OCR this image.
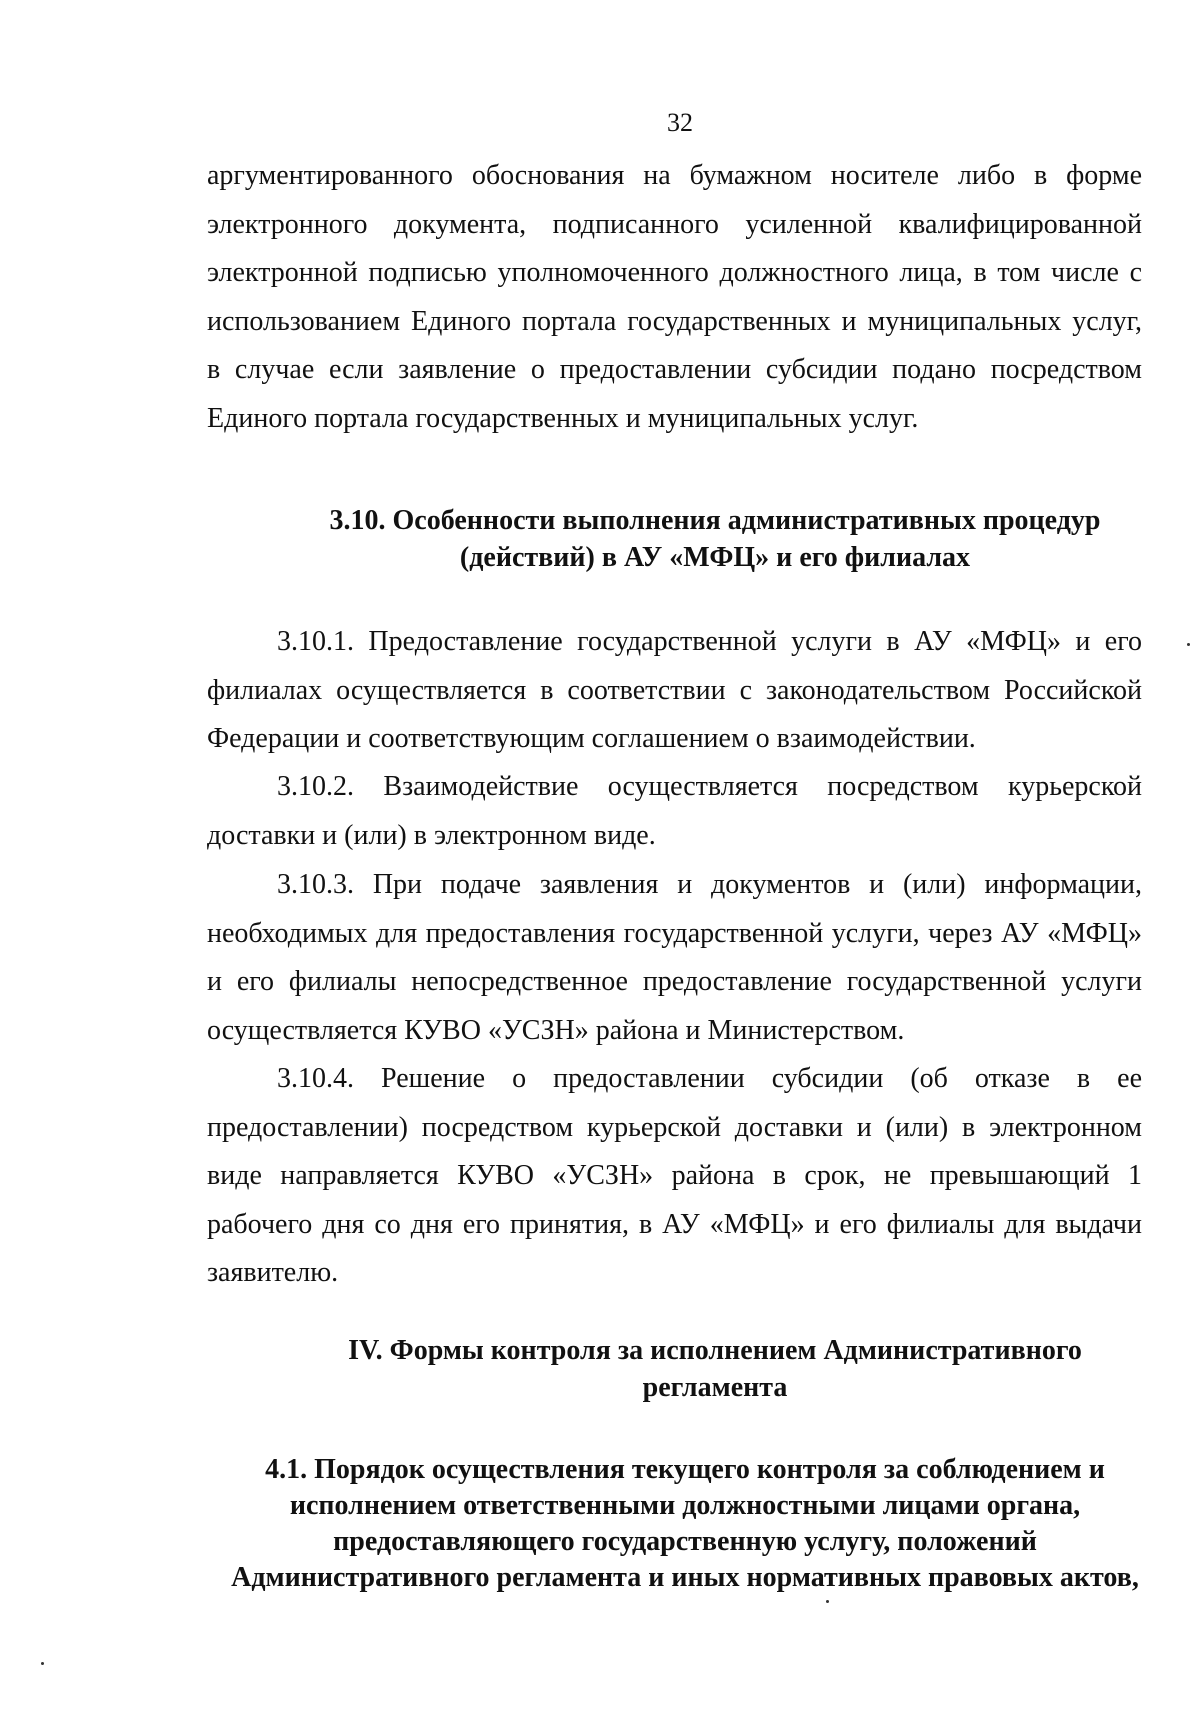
32
аргументированного обоснования на бумажном носителе либо в форме
электронного документа, подписанного усиленной квалифицированной
электронной подписью уполномоченного должностного лица, в том числе с
использованием Единого портала государственных и муниципальных услуг,
в случае если заявление о предоставлении субсидии подано посредством
Единого портала государственных и муниципальных услуг.
3.10. Особенности выполнения административных процедур
(действий) в АУ «МФЦ» и его филиалах
3.10.1. Предоставление государственной услуги в АУ «МФЦ» и его
филиалах осуществляется в соответствии с законодательством Российской
Федерации и соответствующим соглашением о взаимодействии.
3.10.2. Взаимодействие осуществляется посредством курьерской
доставки и (или) в электронном виде.
3.10.3. При подаче заявления и документов и (или) информации,
необходимых для предоставления государственной услуги, через АУ «МФЦ»
и его филиалы непосредственное предоставление государственной услуги
осуществляется КУВО «УСЗН» района и Министерством.
3.10.4. Решение о предоставлении субсидии (об отказе в ее
предоставлении) посредством курьерской доставки и (или) в электронном
виде направляется КУВО «УСЗН» района в срок, не превышающий 1
рабочего дня со дня его принятия, в АУ «МФЦ» и его филиалы для выдачи
заявителю.
IV. Формы контроля за исполнением Административного
регламента
4.1. Порядок осуществления текущего контроля за соблюдением и
исполнением ответственными должностными лицами органа,
предоставляющего государственную услугу, положений
Административного регламента и иных нормативных правовых актов,
